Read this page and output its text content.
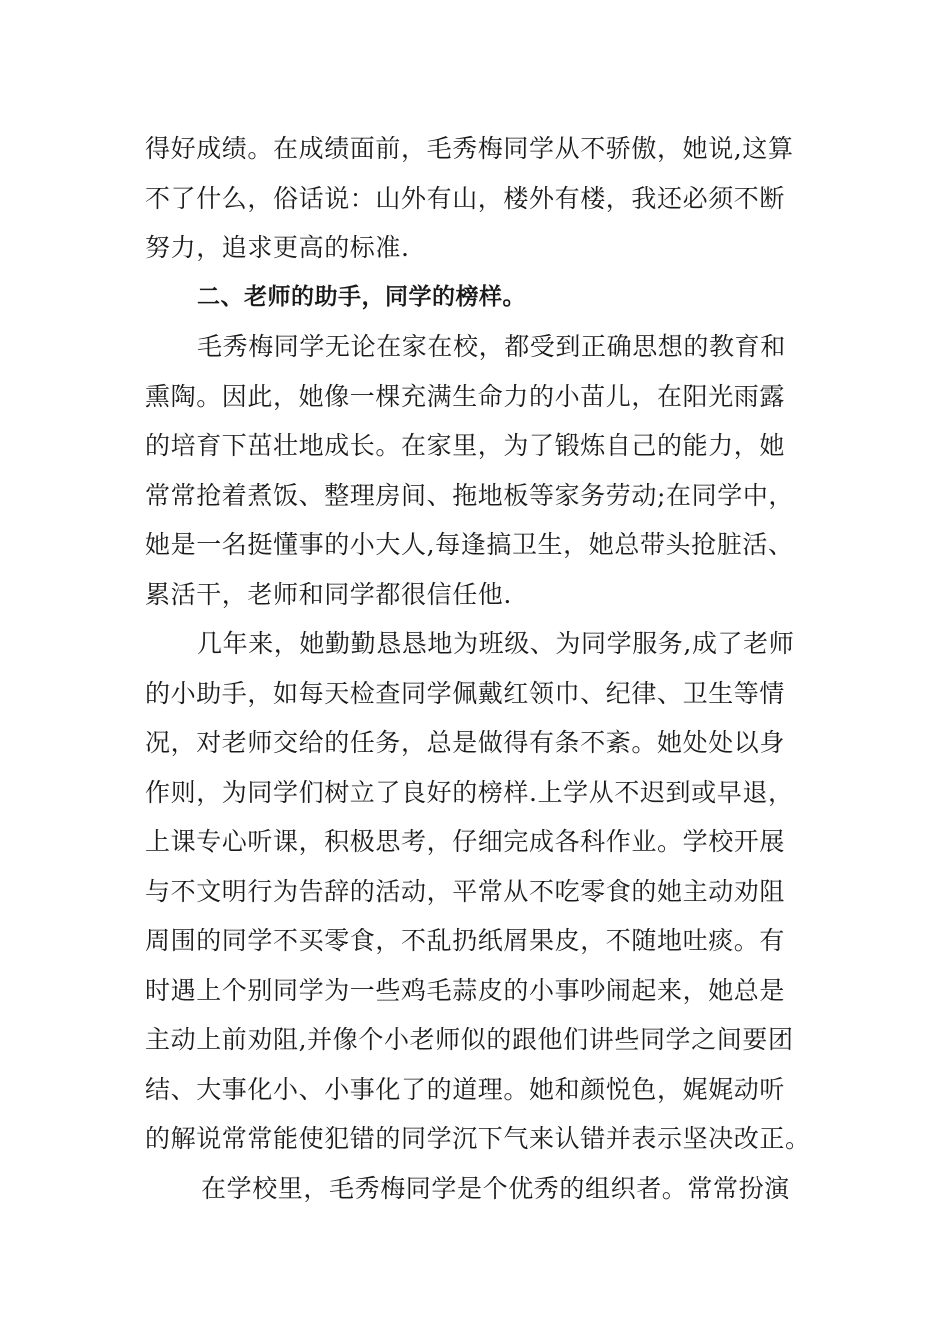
得好成绩。在成绩面前，毛秀梅同学从不骄傲，她说,这算
不了什么，俗话说：山外有山，楼外有楼，我还必须不断
努力，追求更高的标准.
二、老师的助手，同学的榜样。
毛秀梅同学无论在家在校，都受到正确思想的教育和
熏陶。因此，她像一棵充满生命力的小苗儿，在阳光雨露
的培育下茁壮地成长。在家里，为了锻炼自己的能力，她
常常抢着煮饭、整理房间、拖地板等家务劳动;在同学中，
她是一名挺懂事的小大人,每逢搞卫生，她总带头抢脏活、
累活干，老师和同学都很信任他.
几年来，她勤勤恳恳地为班级、为同学服务,成了老师
的小助手，如每天检查同学佩戴红领巾、纪律、卫生等情
况，对老师交给的任务，总是做得有条不紊。她处处以身
作则，为同学们树立了良好的榜样.上学从不迟到或早退，
上课专心听课，积极思考，仔细完成各科作业。学校开展
与不文明行为告辞的活动，平常从不吃零食的她主动劝阻
周围的同学不买零食，不乱扔纸屑果皮，不随地吐痰。有
时遇上个别同学为一些鸡毛蒜皮的小事吵闹起来，她总是
主动上前劝阻,并像个小老师似的跟他们讲些同学之间要团
结、大事化小、小事化了的道理。她和颜悦色，娓娓动听
的解说常常能使犯错的同学沉下气来认错并表示坚决改正。
在学校里，毛秀梅同学是个优秀的组织者。常常扮演
